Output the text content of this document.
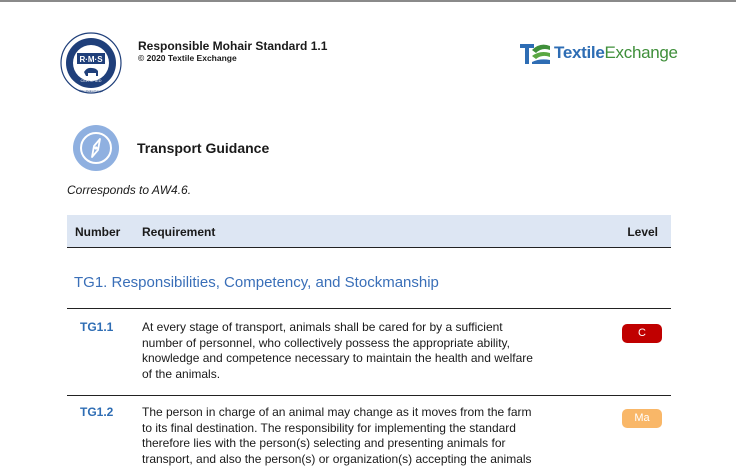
R·M·S
CERTIFIED
©TextileExchange
Responsible Mohair Standard 1.1
© 2020 Textile Exchange	TextileExchange
Transport Guidance
Corresponds to AW4.6.
Number Requirement	Level
TG1. Responsibilities, Competency, and Stockmanship
TG1.1 At every stage of transport, animals shall be cared for by a sufficient
number of personnel, who collectively possess the appropriate ability,
knowledge and competence necessary to maintain the health and welfare
of the animals.
C
TG1.2 The person in charge of an animal may change as it moves from the farm
to its final destination. The responsibility for implementing the standard
therefore lies with the person(s) selecting and presenting animals for
transport, and also the person(s) or organization(s) accepting the animals
Ma
